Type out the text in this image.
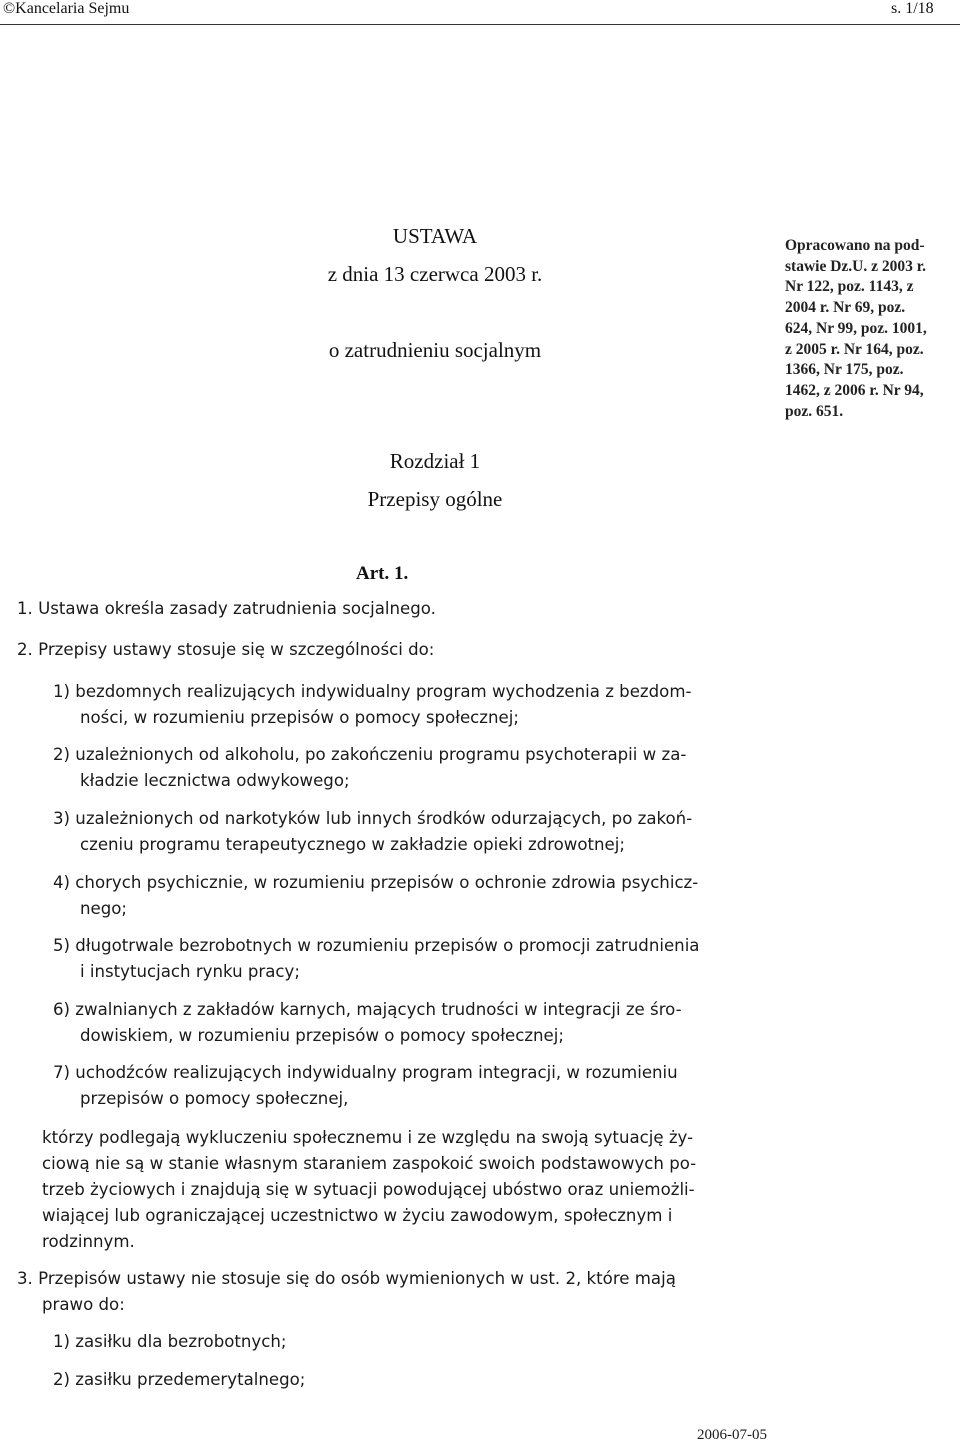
©Kancelaria Sejmu	s. 1/18
USTAWA
z dnia 13 czerwca 2003 r.
o zatrudnieniu socjalnym
Rozdział 1
Przepisy ogólne
Opracowano na pod-
stawie Dz.U. z 2003 r.
Nr 122, poz. 1143, z
2004 r. Nr 69, poz.
624, Nr 99, poz. 1001,
z 2005 r. Nr 164, poz.
1366, Nr 175, poz.
1462, z 2006 r. Nr 94,
poz. 651.
Art. 1.
1. Ustawa określa zasady zatrudnienia socjalnego.
2. Przepisy ustawy stosuje się w szczególności do:
1) bezdomnych realizujących indywidualny program wychodzenia z bezdom-
ności, w rozumieniu przepisów o pomocy społecznej;
2) uzależnionych od alkoholu, po zakończeniu programu psychoterapii w za-
kładzie lecznictwa odwykowego;
3) uzależnionych od narkotyków lub innych środków odurzających, po zakoń-
czeniu programu terapeutycznego w zakładzie opieki zdrowotnej;
4) chorych psychicznie, w rozumieniu przepisów o ochronie zdrowia psychicz-
nego;
5) długotrwale bezrobotnych w rozumieniu przepisów o promocji zatrudnienia
i instytucjach rynku pracy;
6) zwalnianych z zakładów karnych, mających trudności w integracji ze śro-
dowiskiem, w rozumieniu przepisów o pomocy społecznej;
7) uchodźców realizujących indywidualny program integracji, w rozumieniu
przepisów o pomocy społecznej,
którzy podlegają wykluczeniu społecznemu i ze względu na swoją sytuację ży-
ciową nie są w stanie własnym staraniem zaspokoić swoich podstawowych po-
trzeb życiowych i znajdują się w sytuacji powodującej ubóstwo oraz uniemożli-
wiającej lub ograniczającej uczestnictwo w życiu zawodowym, społecznym i
rodzinnym.
3. Przepisów ustawy nie stosuje się do osób wymienionych w ust. 2, które mają
prawo do:
1) zasiłku dla bezrobotnych;
2) zasiłku przedemerytalnego;
2006-07-05
